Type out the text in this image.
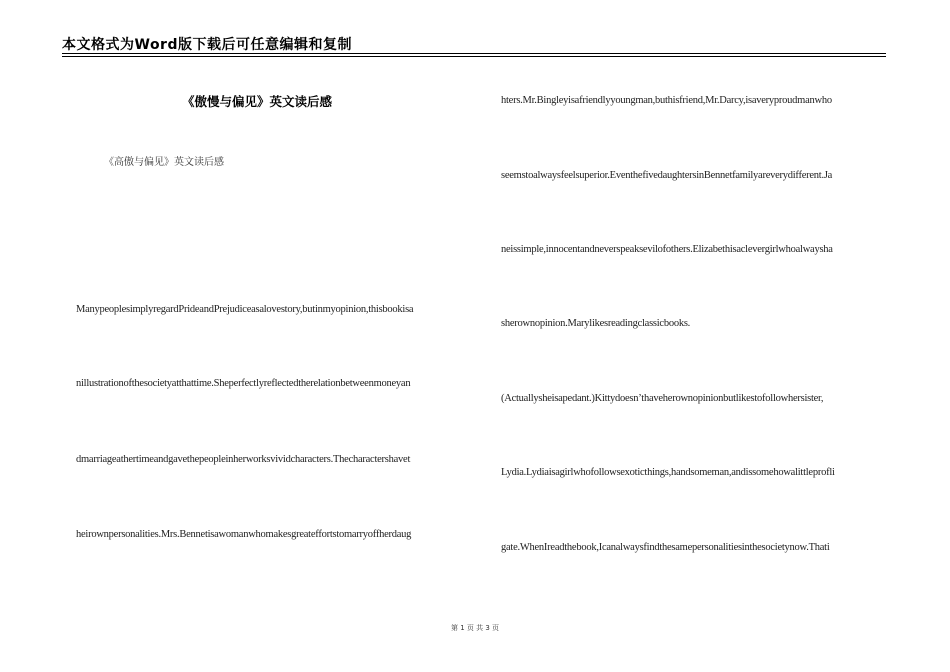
本文格式为Word版下载后可任意编辑和复制
《傲慢与偏见》英文读后感
《高傲与偏见》英文读后感
ManypeoplesimplyregardPrideandPrejudiceasalovestory,butinmyopinion,thisbookisa
nillustrationofthesocietyatthattime.Sheperfectlyreflectedtherelationbetweenmoneyan
dmarriageathertimeandgavethepeopleinherworksvividcharacters.Thecharactershavet
heirownpersonalities.Mrs.Bennetisawomanwhomakesgreateffortstomarryoffherdaug
hters.Mr.Bingleyisafriendlyyoungman,buthisfriend,Mr.Darcy,isaveryproudmanwho
seemstoalwaysfeelsuperior.EventhefivedaughtersinBennetfamilyareverydifferent.Ja
neissimple,innocentandneverspeaksevilofothers.Elizabethisaclevergirlwhoalwaysha
sherownopinion.Marylikesreadingclassicbooks.
(Actuallysheisapedant.)Kittydoesn’thaveherownopinionbutlikestofollowhersister,
Lydia.Lydiaisagirlwhofollowsexoticthings,handsomeman,andissomehowalittleprofli
gate.WhenIreadthebook,Icanalwaysfindthesamepersonalitiesinthesocietynow.Thati
第 1 页 共 3 页
